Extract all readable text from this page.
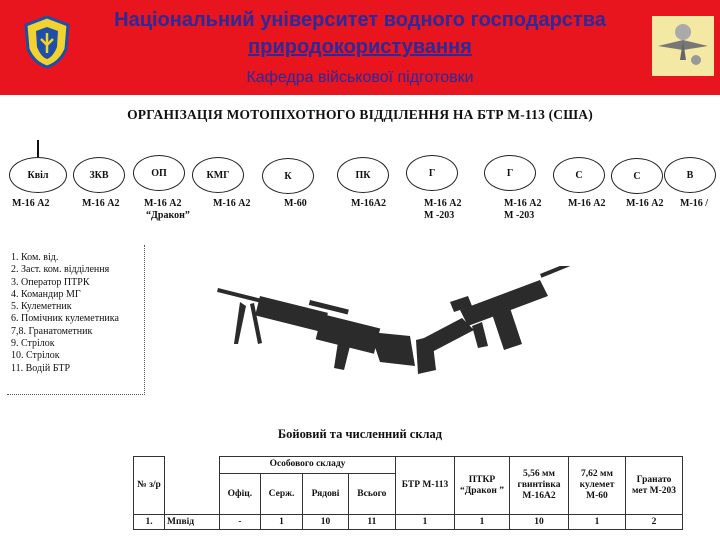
Національний університет водного господарства
природокористування
Кафедра військової підготовки
ОРГАНІЗАЦІЯ МОТОПІХОТНОГО ВІДДІЛЕННЯ НА БТР М-113 (США)
Квіл	ЗКВ	ОП	КМГ	К	ПК	Г	Г	С	С	В
М-16 А2	М-16 А2 М-16 А2
“Дракон”
М-16 А2	М-60	М-16А2	М-16 А2
М -203
М-16 А2
М -203
М-16 А2 М-16 А2 М-16 /
1. Ком. від.
2. Заст. ком. відділення
3. Оператор ПТРК
4. Командир МГ
5. Кулеметник
6. Помічник кулеметника
7,8. Гранатометник
9. Стрілок
10. Стрілок
11. Водій БТР
Бойовий та численний склад
№ з/р		Особового складу				БТР М-113	ПТКР “Дракон ”	5,56 мм гвинтівка М-16А2	7,62 мм кулемет М-60	Гранато мет М-203
		Офіц.	Серж.	Рядові	Всього					
1.	Мпвід	-	1	10	11	1	1	10	1	2
